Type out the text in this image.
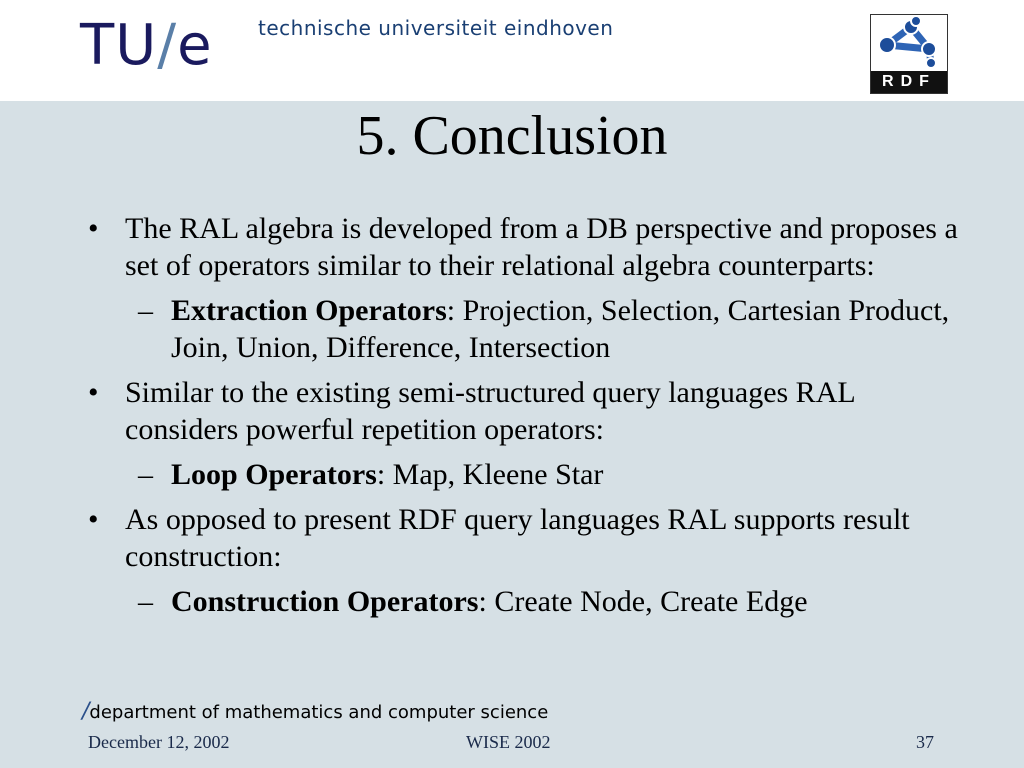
TU/e technische universiteit eindhoven
RDF
5. Conclusion
• The RAL algebra is developed from a DB perspective and proposes a set of operators similar to their relational algebra counterparts:
– Extraction Operators: Projection, Selection, Cartesian Product, Join, Union, Difference, Intersection
• Similar to the existing semi-structured query languages RAL considers powerful repetition operators:
– Loop Operators: Map, Kleene Star
• As opposed to present RDF query languages RAL supports result construction:
– Construction Operators: Create Node, Create Edge
/department of mathematics and computer science
December 12, 2002	WISE 2002	37
